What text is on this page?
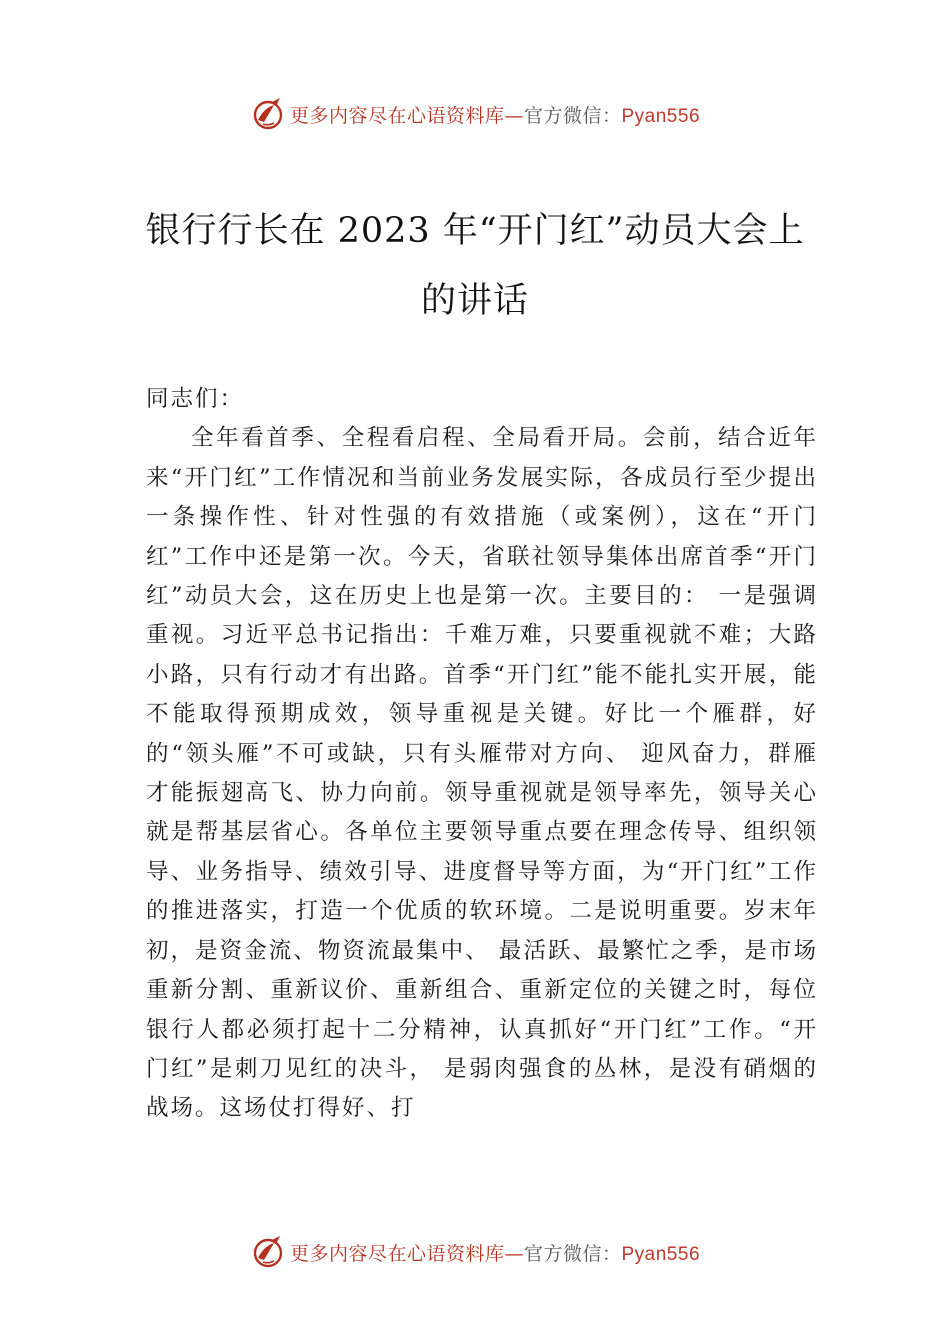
更多内容尽在心语资料库—官方微信：Pyan556
银行行长在 2023 年“开门红”动员大会上
的讲话

同志们：

全年看首季、全程看启程、全局看开局。会前，结合近年来“开门红”工作情况和当前业务发展实际，各成员行至少提出一条操作性、针对性强的有效措施（或案例），这在“开门红”工作中还是第一次。今天，省联社领导集体出席首季“开门红”动员大会，这在历史上也是第一次。主要目的： 一是强调重视。习近平总书记指出：千难万难，只要重视就不难；大路小路，只有行动才有出路。首季“开门红”能不能扎实开展，能不能取得预期成效，领导重视是关键。好比一个雁群，好的“领头雁”不可或缺，只有头雁带对方向、 迎风奋力，群雁才能振翅高飞、协力向前。领导重视就是领导率先，领导关心就是帮基层省心。各单位主要领导重点要在理念传导、组织领导、业务指导、绩效引导、进度督导等方面，为“开门红”工作的推进落实，打造一个优质的软环境。二是说明重要。岁末年初，是资金流、物资流最集中、 最活跃、最繁忙之季，是市场重新分割、重新议价、重新组合、重新定位的关键之时，每位银行人都必须打起十二分精神，认真抓好“开门红”工作。“开门红”是刺刀见红的决斗， 是弱肉强食的丛林，是没有硝烟的战场。这场仗打得好、打

更多内容尽在心语资料库—官方微信：Pyan556
